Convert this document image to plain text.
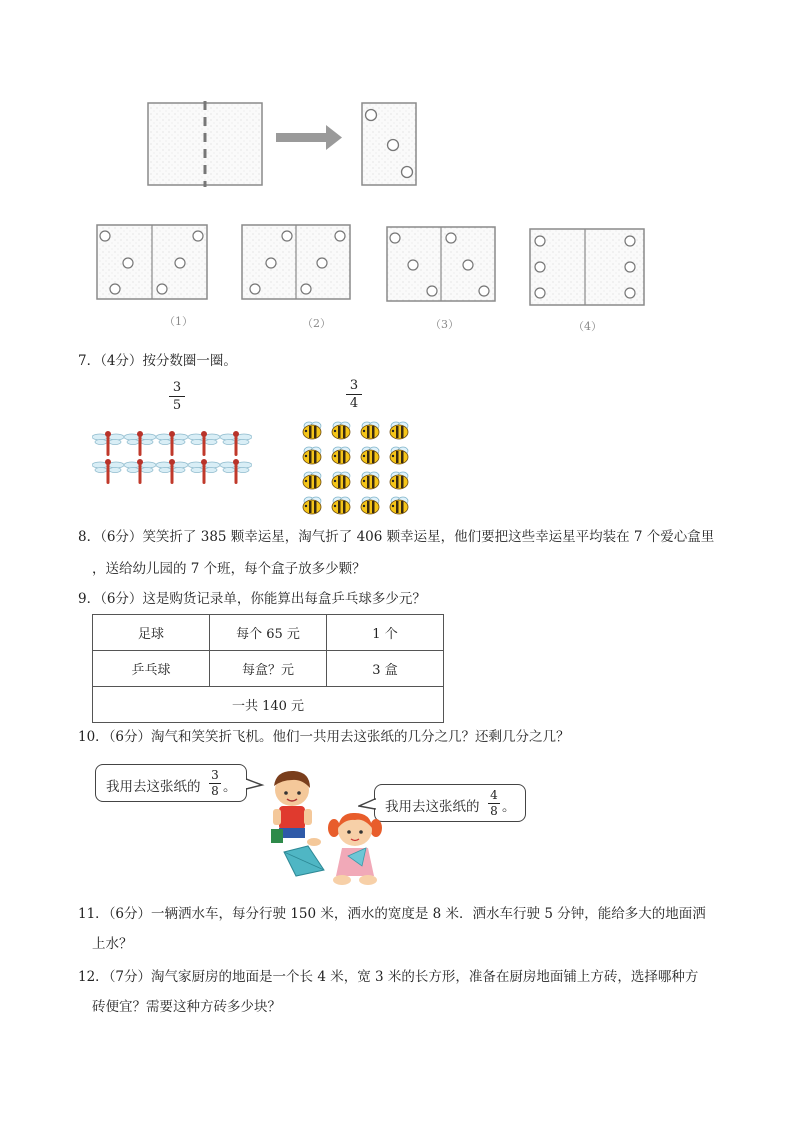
（1）	（2）	（3）	（4）
7．（4分）按分数圈一圈。
3
5
3
4
8．（6分）笑笑折了 385 颗幸运星，淘气折了 406 颗幸运星，他们要把这些幸运星平均装在 7 个爱心盒里
，送给幼儿园的 7 个班，每个盒子放多少颗？
9．（6分）这是购货记录单，你能算出每盒乒乓球多少元？
足球	每个 65 元	1 个
乒乓球	每盒？元	3 盒
一共 140 元		
10．（6分）淘气和笑笑折飞机。他们一共用去这张纸的几分之几？还剩几分之几？
我用去这张纸的
3
8 。
我用去这张纸的
4
8 。
11．（6分）一辆洒水车，每分行驶 150 米，洒水的宽度是 8 米．洒水车行驶 5 分钟，能给多大的地面洒
上水？
12．（7分）淘气家厨房的地面是一个长 4 米，宽 3 米的长方形，准备在厨房地面铺上方砖，选择哪种方
砖便宜？需要这种方砖多少块？
